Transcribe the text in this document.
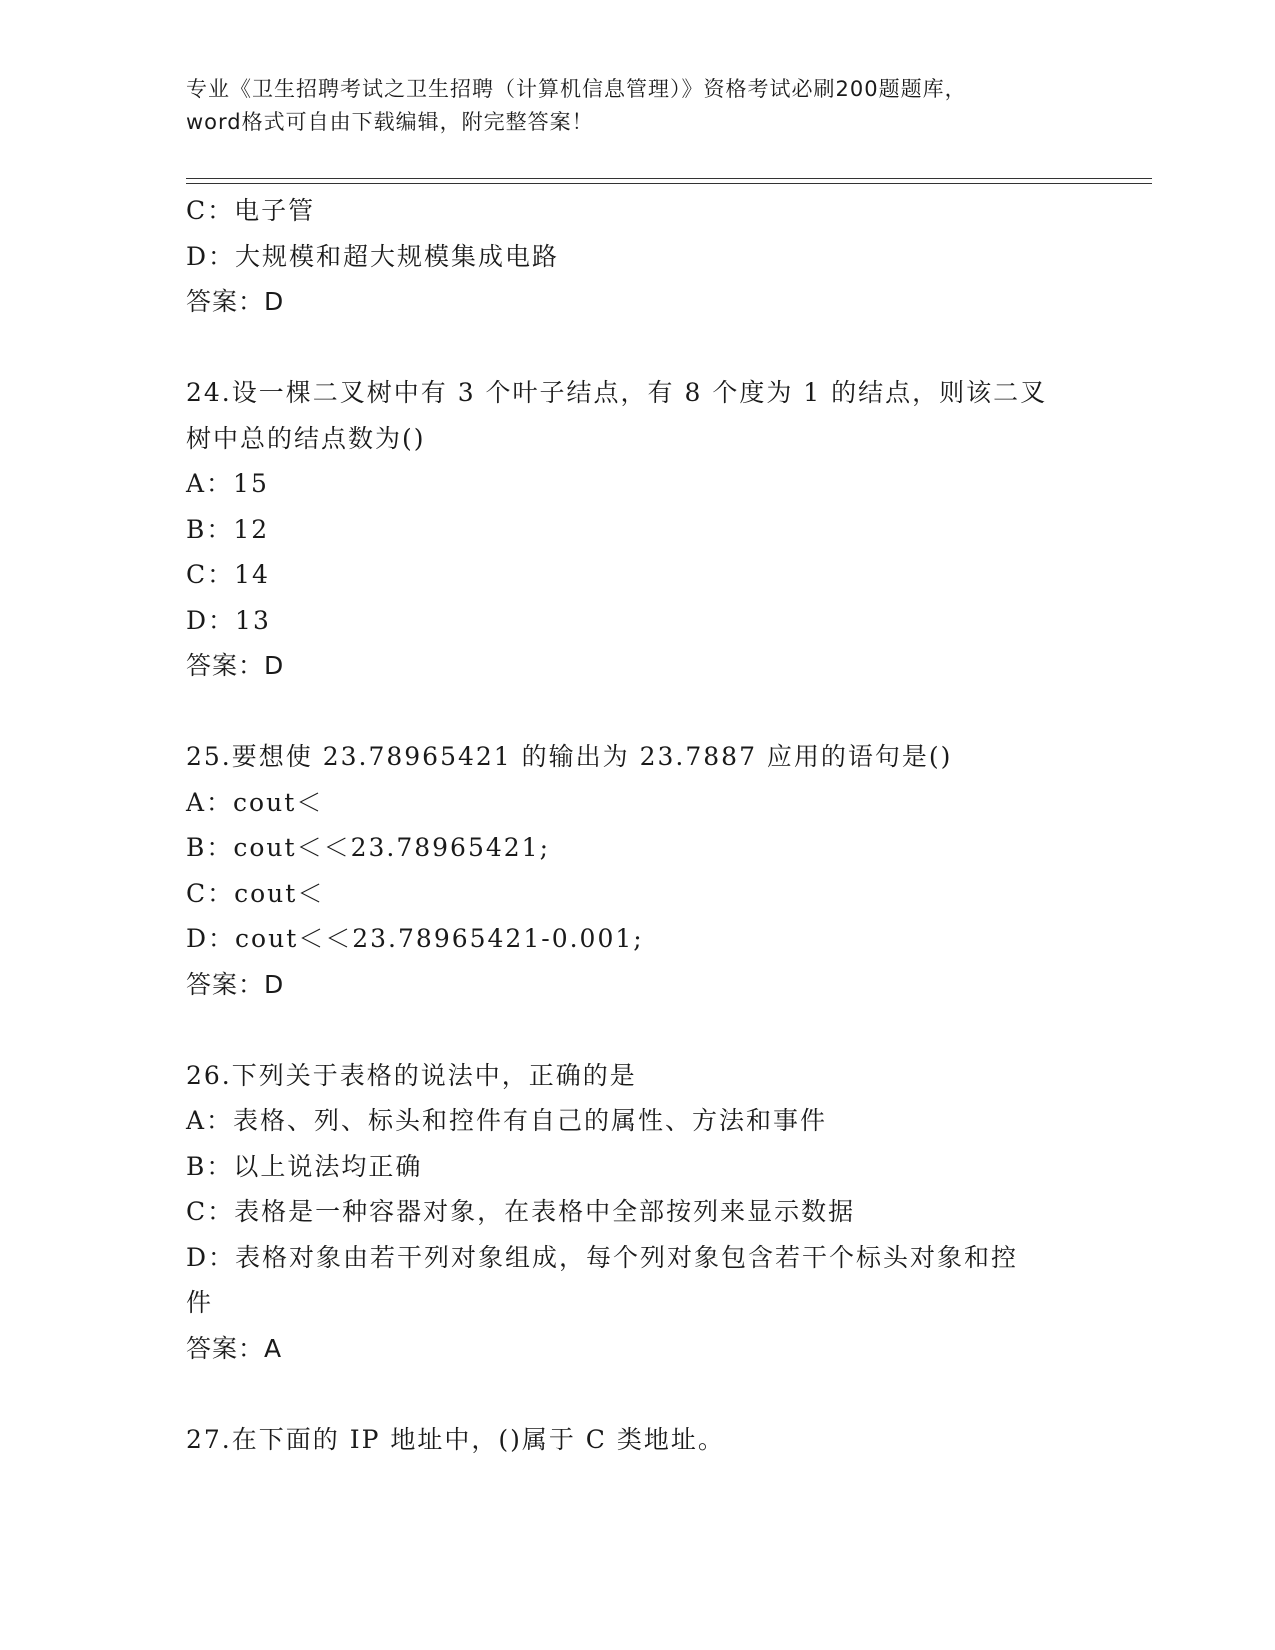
专业《卫生招聘考试之卫生招聘（计算机信息管理）》资格考试必刷200题题库，
word格式可自由下载编辑，附完整答案！
C：电子管
D：大规模和超大规模集成电路
答案：D
24.设一棵二叉树中有 3 个叶子结点，有 8 个度为 1 的结点，则该二叉
树中总的结点数为()
A：15
B：12
C：14
D：13
答案：D
25.要想使 23.78965421 的输出为 23.7887 应用的语句是()
A：cout＜
B：cout＜＜23.78965421;
C：cout＜
D：cout＜＜23.78965421-0.001;
答案：D
26.下列关于表格的说法中，正确的是
A：表格、列、标头和控件有自己的属性、方法和事件
B：以上说法均正确
C：表格是一种容器对象，在表格中全部按列来显示数据
D：表格对象由若干列对象组成，每个列对象包含若干个标头对象和控
件
答案：A
27.在下面的 IP 地址中，()属于 C 类地址。
